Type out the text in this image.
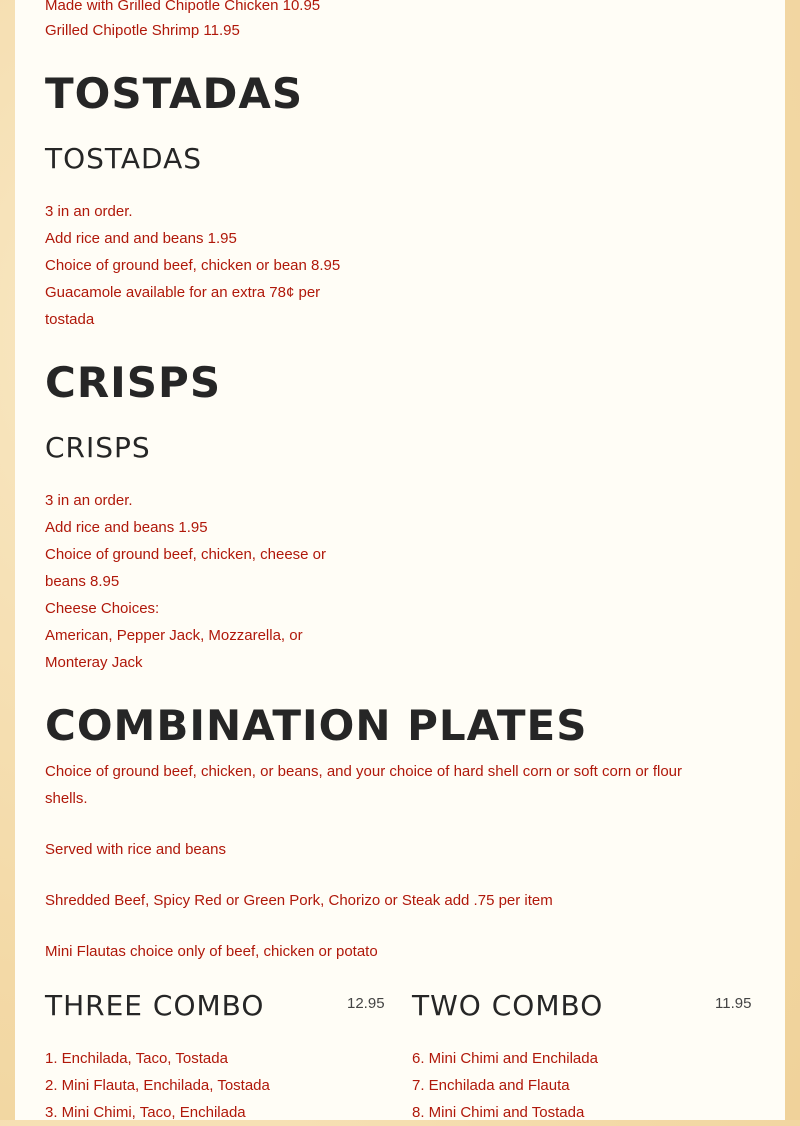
Made with Grilled Chipotle Chicken 10.95
Grilled Chipotle Shrimp 11.95
TOSTADAS
TOSTADAS
3 in an order.
Add rice and and beans 1.95
Choice of ground beef, chicken or bean 8.95
Guacamole available for an extra 78¢ per
tostada
CRISPS
CRISPS
3 in an order.
Add rice and beans 1.95
Choice of ground beef, chicken, cheese or
beans 8.95
Cheese Choices:
American, Pepper Jack, Mozzarella, or
Monteray Jack
COMBINATION PLATES
Choice of ground beef, chicken, or beans, and your choice of hard shell corn or soft corn or flour
shells.
Served with rice and beans
Shredded Beef, Spicy Red or Green Pork, Chorizo or Steak add .75 per item
Mini Flautas choice only of beef, chicken or potato
THREE COMBO	12.95
1. Enchilada, Taco, Tostada
2. Mini Flauta, Enchilada, Tostada
3. Mini Chimi, Taco, Enchilada
TWO COMBO	11.95
6. Mini Chimi and Enchilada
7. Enchilada and Flauta
8. Mini Chimi and Tostada
